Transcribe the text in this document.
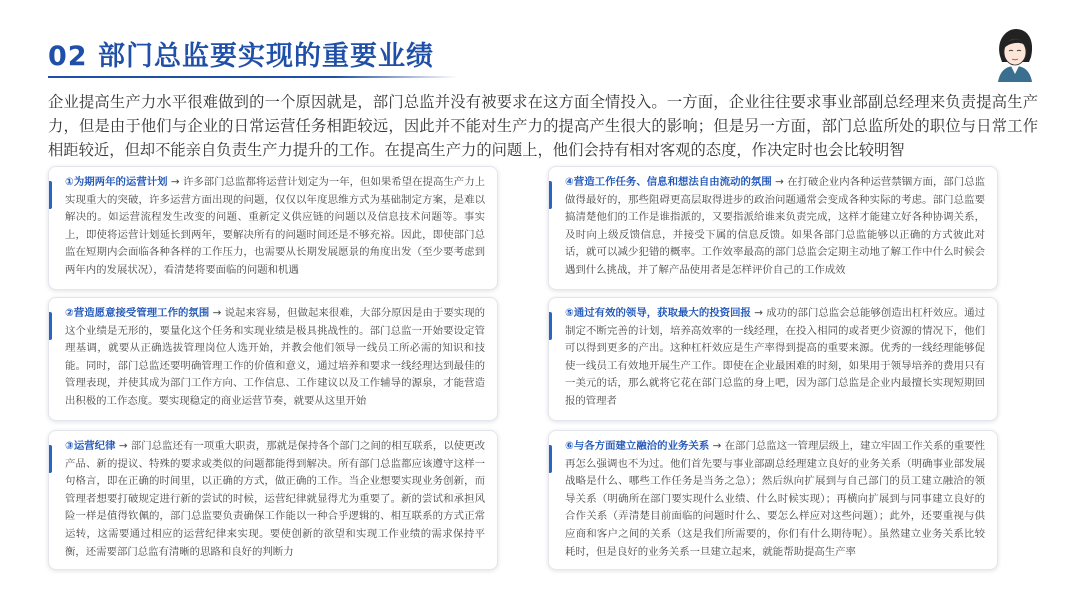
02 部门总监要实现的重要业绩
企业提高生产力水平很难做到的一个原因就是，部门总监并没有被要求在这方面全情投入。一方面，企业往往要求事业部副总经理来负责提高生产力，但是由于他们与企业的日常运营任务相距较远，因此并不能对生产力的提高产生很大的影响；但是另一方面，部门总监所处的职位与日常工作相距较近，但却不能亲自负责生产力提升的工作。在提高生产力的问题上，他们会持有相对客观的态度，作决定时也会比较明智
①为期两年的运营计划 → 许多部门总监都将运营计划定为一年，但如果希望在提高生产力上实现重大的突破，许多运营方面出现的问题，仅仅以年度思维方式为基础制定方案，是难以解决的。如运营流程发生改变的问题、重新定义供应链的问题以及信息技术问题等。事实上，即使将运营计划延长到两年，要解决所有的问题时间还是不够充裕。因此，即使部门总监在短期内会面临各种各样的工作压力，也需要从长期发展愿景的角度出发（至少要考虑到两年内的发展状况），看清楚将要面临的问题和机遇
②营造愿意接受管理工作的氛围 → 说起来容易，但做起来很难，大部分原因是由于要实现的这个业绩是无形的，要量化这个任务和实现业绩是极具挑战性的。部门总监一开始要设定管理基调，就要从正确选拔管理岗位人选开始，并教会他们领导一线员工所必需的知识和技能。同时，部门总监还要明确管理工作的价值和意义，通过培养和要求一线经理达到最佳的管理表现，并使其成为部门工作方向、工作信息、工作建议以及工作辅导的源泉，才能营造出积极的工作态度。要实现稳定的商业运营节奏，就要从这里开始
③运营纪律 → 部门总监还有一项重大职责，那就是保持各个部门之间的相互联系，以使更改产品、新的提议、特殊的要求或类似的问题都能得到解决。所有部门总监都应该遵守这样一句格言，即在正确的时间里，以正确的方式，做正确的工作。当企业想要实现业务创新，而管理者想要打破规定进行新的尝试的时候，运营纪律就显得尤为重要了。新的尝试和承担风险一样是值得钦佩的，部门总监要负责确保工作能以一种合乎逻辑的、相互联系的方式正常运转，这需要通过相应的运营纪律来实现。要使创新的欲望和实现工作业绩的需求保持平衡，还需要部门总监有清晰的思路和良好的判断力
④营造工作任务、信息和想法自由流动的氛围 → 在打破企业内各种运营禁锢方面，部门总监做得最好的，那些阻碍更高层取得进步的政治问题通常会变成各种实际的考虑。部门总监要搞清楚他们的工作是谁指派的，又要指派给谁来负责完成，这样才能建立好各种协调关系，及时向上级反馈信息，并接受下属的信息反馈。如果各部门总监能够以正确的方式彼此对话，就可以减少犯错的概率。工作效率最高的部门总监会定期主动地了解工作中什么时候会遇到什么挑战，并了解产品使用者是怎样评价自己的工作成效
⑤通过有效的领导，获取最大的投资回报 → 成功的部门总监会总能够创造出杠杆效应。通过制定不断完善的计划，培养高效率的一线经理，在投入相同的或者更少资源的情况下，他们可以得到更多的产出。这种杠杆效应是生产率得到提高的重要来源。优秀的一线经理能够促使一线员工有效地开展生产工作。即使在企业最困难的时刻，如果用于领导培养的费用只有一美元的话，那么就将它花在部门总监的身上吧，因为部门总监是企业内最擅长实现短期回报的管理者
⑥与各方面建立融洽的业务关系 → 在部门总监这一管理层级上，建立牢固工作关系的重要性再怎么强调也不为过。他们首先要与事业部副总经理建立良好的业务关系（明确事业部发展战略是什么、哪些工作任务是当务之急）；然后纵向扩展到与自己部门的员工建立融洽的领导关系（明确所在部门要实现什么业绩、什么时候实现）；再横向扩展到与同事建立良好的合作关系（弄清楚目前面临的问题时什么、要怎么样应对这些问题）；此外，还要重视与供应商和客户之间的关系（这是我们所需要的，你们有什么期待呢）。虽然建立业务关系比较耗时，但是良好的业务关系一旦建立起来，就能帮助提高生产率
